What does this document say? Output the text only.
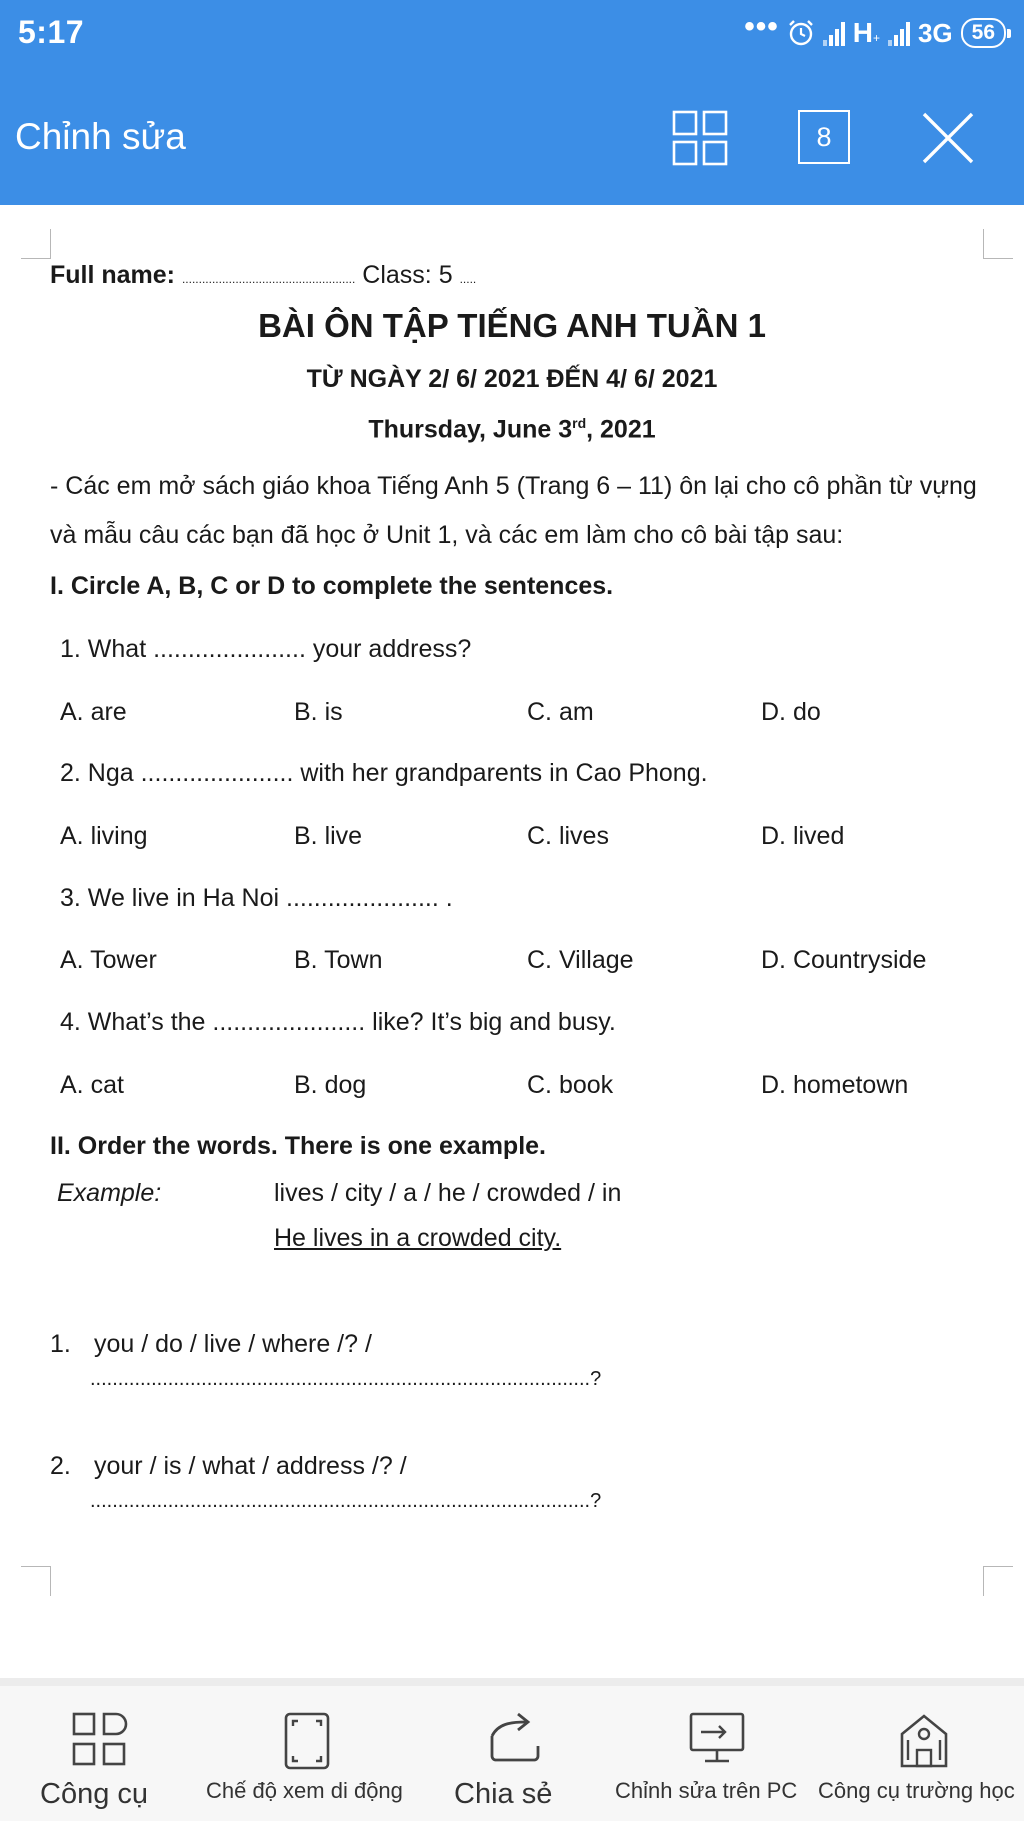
5:17	•••	H+ 3G 56
Chỉnh sửa	8
Full name: .................................................... Class: 5 .....
BÀI ÔN TẬP TIẾNG ANH TUẦN 1
TỪ NGÀY 2/ 6/ 2021 ĐẾN 4/ 6/ 2021
Thursday, June 3rd, 2021
- Các em mở sách giáo khoa Tiếng Anh 5 (Trang 6 – 11) ôn lại cho cô phần từ vựng và mẫu câu các bạn đã học ở Unit 1, và các em làm cho cô bài tập sau:
I. Circle A, B, C or D to complete the sentences.
1. What ...................... your address?
A. are	B. is	C. am	D. do
2. Nga ...................... with her grandparents in Cao Phong.
A. living	B. live	C. lives	D. lived
3. We live in Ha Noi ...................... .
A. Tower	B. Town	C. Village	D. Countryside
4. What’s the ...................... like? It’s big and busy.
A. cat	B. dog	C. book	D. hometown
II. Order the words. There is one example.
Example:	lives / city / a / he / crowded / in
He lives in a crowded city.
1. you / do / live / where /? /
..........................................................................................?
2. your / is / what / address /? /
..........................................................................................?
Công cụ	Chế độ xem di động Chia sẻ	Chỉnh sửa trên PC Công cụ trường học
